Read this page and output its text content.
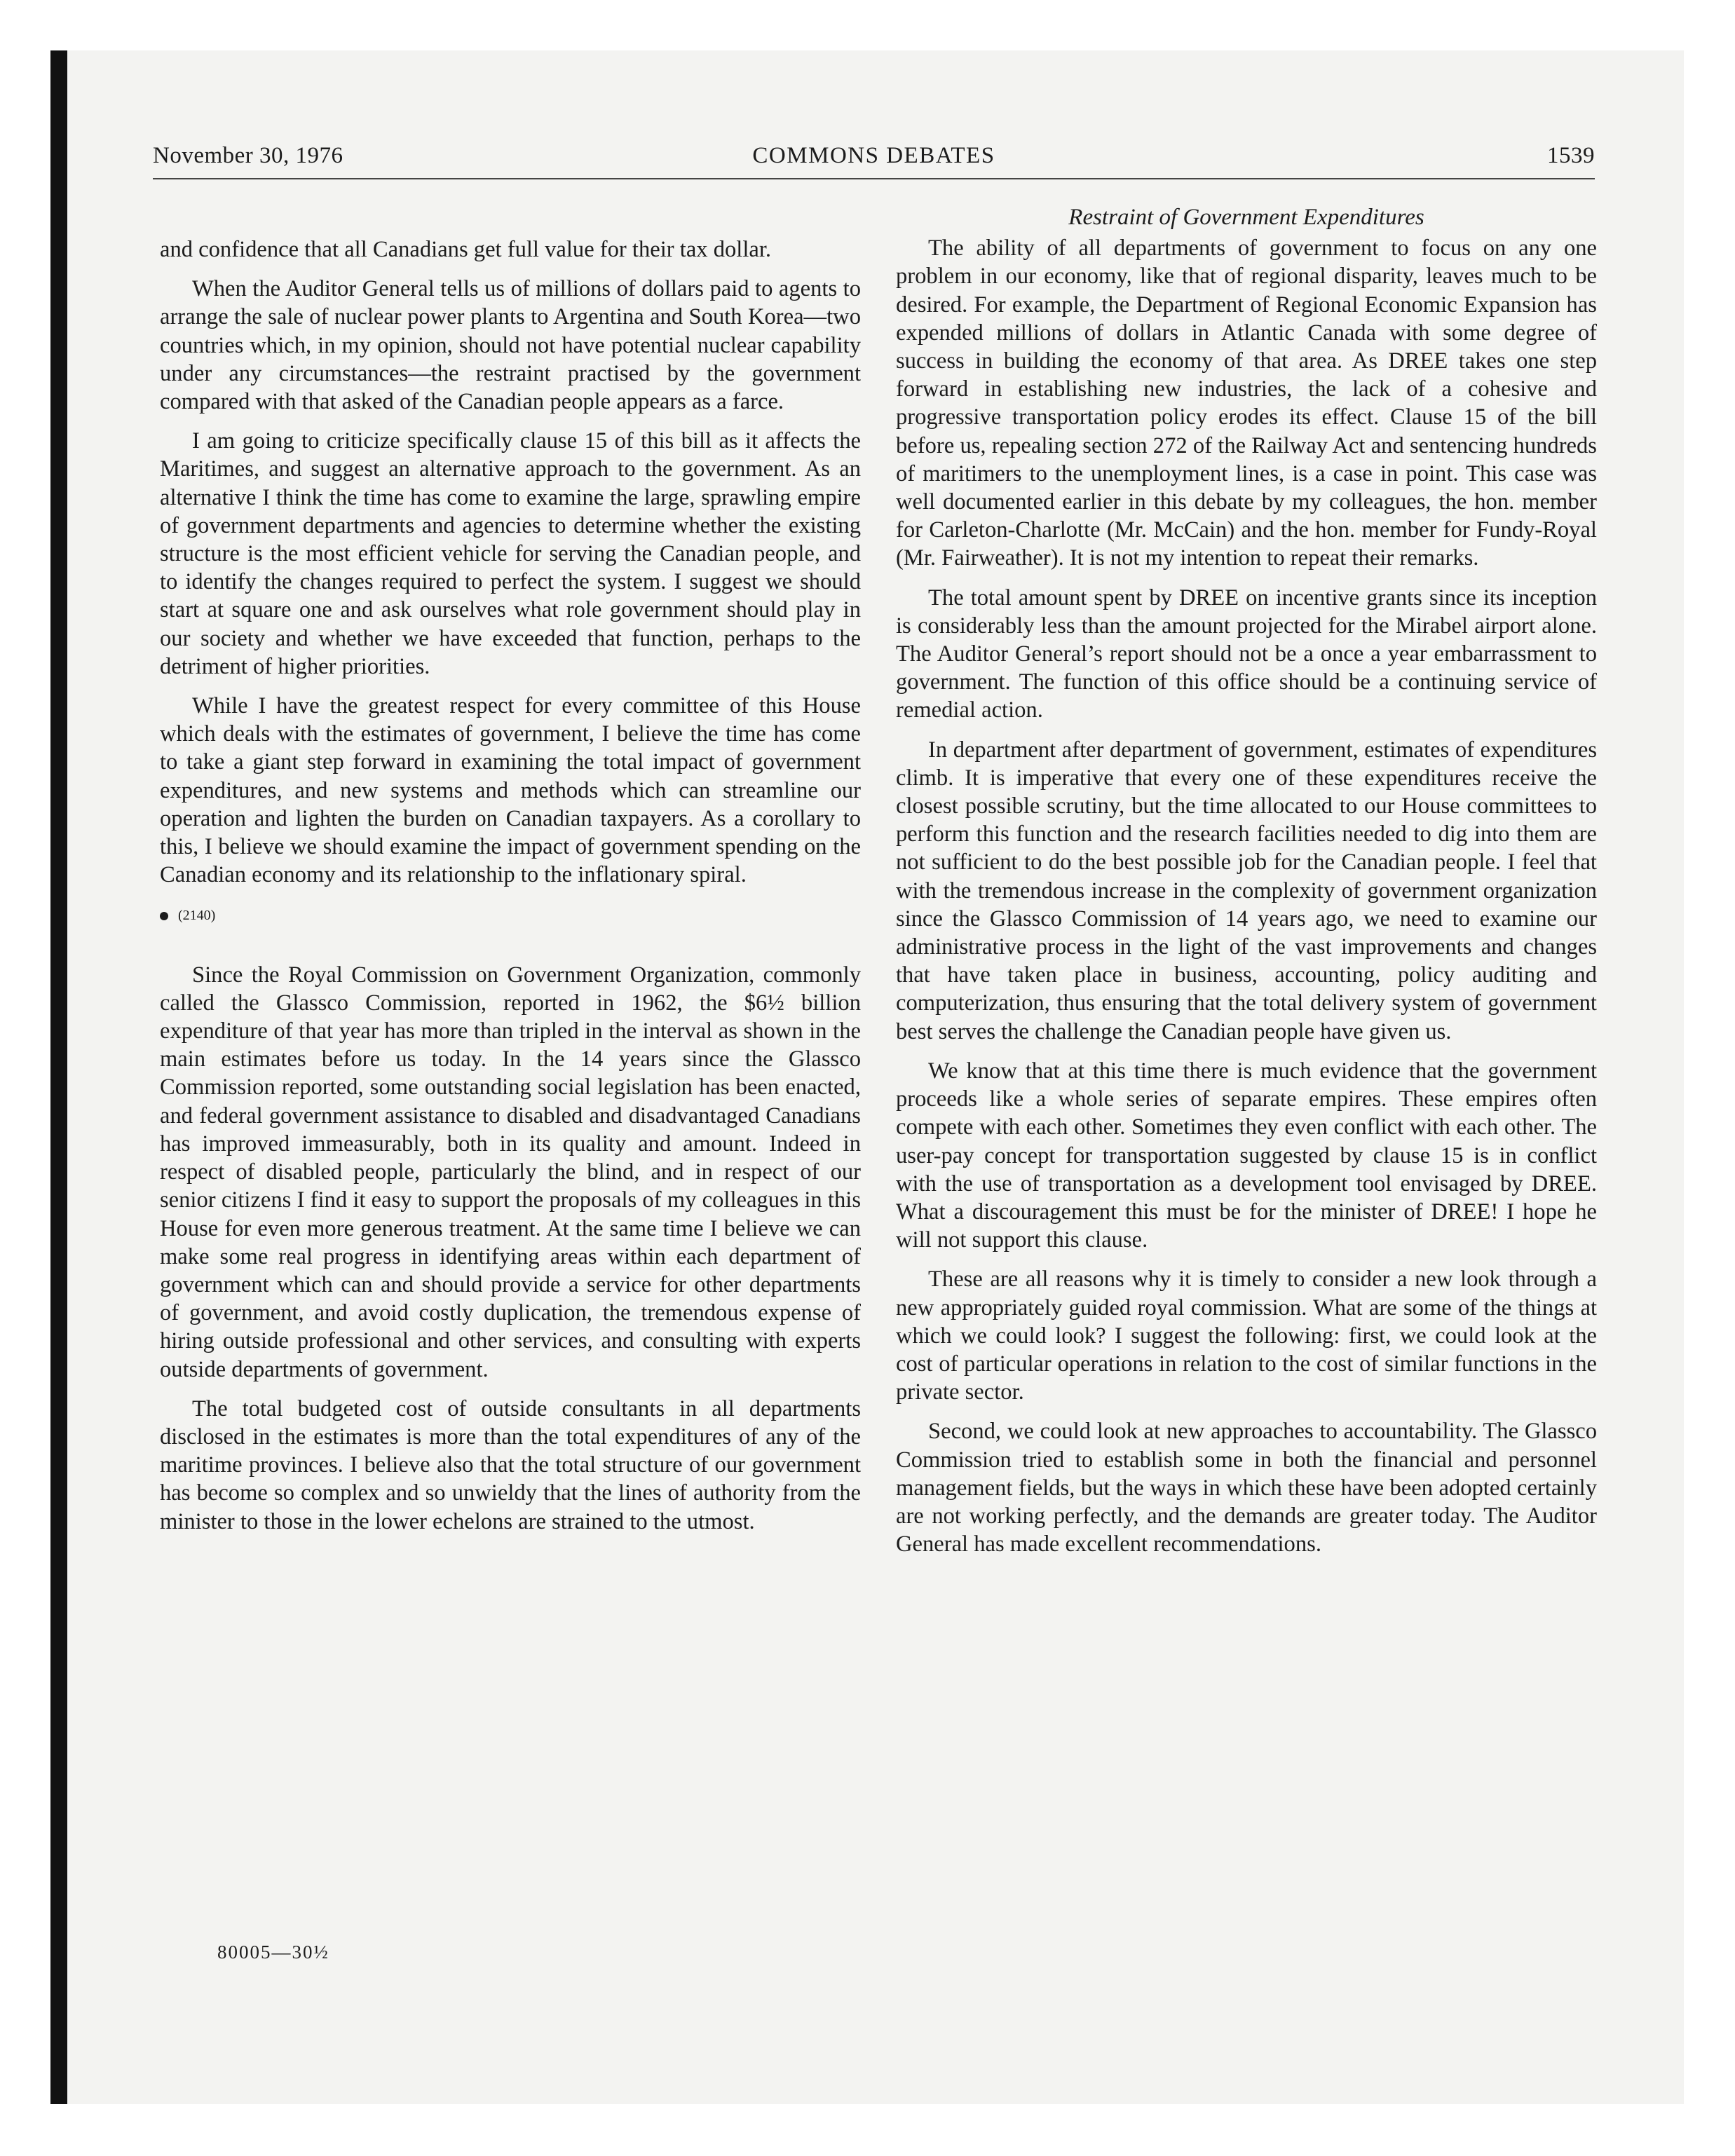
November 30, 1976	COMMONS DEBATES	1539

and confidence that all Canadians get full value for their tax dollar.

When the Auditor General tells us of millions of dollars paid to agents to arrange the sale of nuclear power plants to Argentina and South Korea—two countries which, in my opinion, should not have potential nuclear capability under any circumstances—the restraint practised by the government compared with that asked of the Canadian people appears as a farce.

I am going to criticize specifically clause 15 of this bill as it affects the Maritimes, and suggest an alternative approach to the government. As an alternative I think the time has come to examine the large, sprawling empire of government departments and agencies to determine whether the existing structure is the most efficient vehicle for serving the Canadian people, and to identify the changes required to perfect the system. I suggest we should start at square one and ask ourselves what role government should play in our society and whether we have exceeded that function, perhaps to the detriment of higher priorities.

While I have the greatest respect for every committee of this House which deals with the estimates of government, I believe the time has come to take a giant step forward in examining the total impact of government expenditures, and new systems and methods which can streamline our operation and lighten the burden on Canadian taxpayers. As a corollary to this, I believe we should examine the impact of government spending on the Canadian economy and its relationship to the inflationary spiral.

(2140)

Since the Royal Commission on Government Organization, commonly called the Glassco Commission, reported in 1962, the $6½ billion expenditure of that year has more than tripled in the interval as shown in the main estimates before us today. In the 14 years since the Glassco Commission reported, some outstanding social legislation has been enacted, and federal government assistance to disabled and disadvantaged Canadians has improved immeasurably, both in its quality and amount. Indeed in respect of disabled people, particularly the blind, and in respect of our senior citizens I find it easy to support the proposals of my colleagues in this House for even more generous treatment. At the same time I believe we can make some real progress in identifying areas within each department of government which can and should provide a service for other departments of government, and avoid costly duplication, the tremendous expense of hiring outside professional and other services, and consulting with experts outside departments of government.

The total budgeted cost of outside consultants in all departments disclosed in the estimates is more than the total expenditures of any of the maritime provinces. I believe also that the total structure of our government has become so complex and so unwieldy that the lines of authority from the minister to those in the lower echelons are strained to the utmost.

Restraint of Government Expenditures

The ability of all departments of government to focus on any one problem in our economy, like that of regional disparity, leaves much to be desired. For example, the Department of Regional Economic Expansion has expended millions of dollars in Atlantic Canada with some degree of success in building the economy of that area. As DREE takes one step forward in establishing new industries, the lack of a cohesive and progressive transportation policy erodes its effect. Clause 15 of the bill before us, repealing section 272 of the Railway Act and sentencing hundreds of maritimers to the unemployment lines, is a case in point. This case was well documented earlier in this debate by my colleagues, the hon. member for Carleton-Charlotte (Mr. McCain) and the hon. member for Fundy-Royal (Mr. Fairweather). It is not my intention to repeat their remarks.

The total amount spent by DREE on incentive grants since its inception is considerably less than the amount projected for the Mirabel airport alone. The Auditor General’s report should not be a once a year embarrassment to government. The function of this office should be a continuing service of remedial action.

In department after department of government, estimates of expenditures climb. It is imperative that every one of these expenditures receive the closest possible scrutiny, but the time allocated to our House committees to perform this function and the research facilities needed to dig into them are not sufficient to do the best possible job for the Canadian people. I feel that with the tremendous increase in the complexity of government organization since the Glassco Commission of 14 years ago, we need to examine our administrative process in the light of the vast improvements and changes that have taken place in business, accounting, policy auditing and computerization, thus ensuring that the total delivery system of government best serves the challenge the Canadian people have given us.

We know that at this time there is much evidence that the government proceeds like a whole series of separate empires. These empires often compete with each other. Sometimes they even conflict with each other. The user-pay concept for transportation suggested by clause 15 is in conflict with the use of transportation as a development tool envisaged by DREE. What a discouragement this must be for the minister of DREE! I hope he will not support this clause.

These are all reasons why it is timely to consider a new look through a new appropriately guided royal commission. What are some of the things at which we could look? I suggest the following: first, we could look at the cost of particular operations in relation to the cost of similar functions in the private sector.

Second, we could look at new approaches to accountability. The Glassco Commission tried to establish some in both the financial and personnel management fields, but the ways in which these have been adopted certainly are not working perfectly, and the demands are greater today. The Auditor General has made excellent recommendations.

80005—30½
